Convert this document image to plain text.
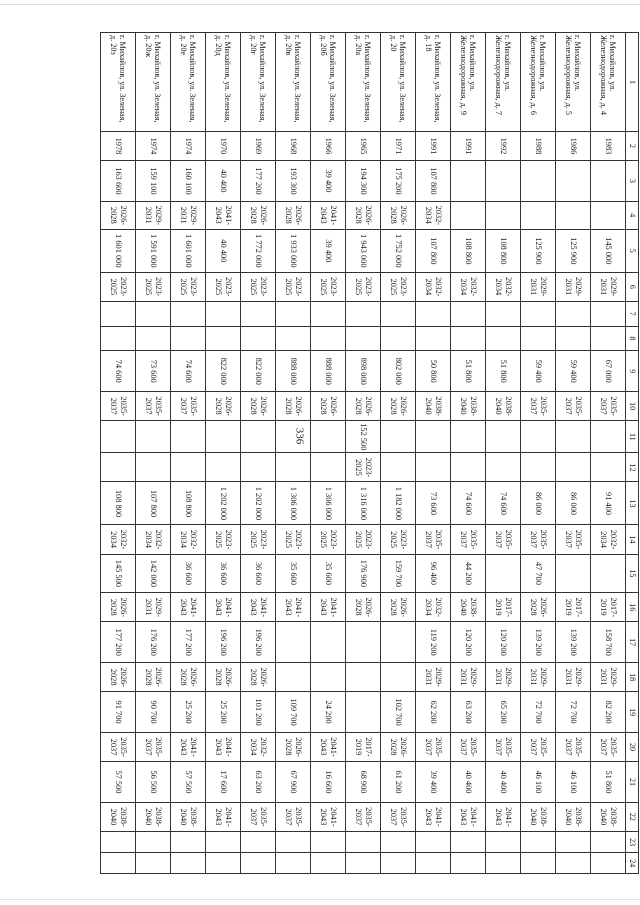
336
1	2	3	4	5	6	7	8	9	10	11	12	13	14	15	16	17	18	19	20	21	22	23	24
г. Михайлов, ул. Железнодорожная, д. 4	1983			145 000	2029-2031			67 000	2035-2037			91 400	2032-2034		2017-2019	158 700	2029-2031	82 200	2035-2037	51 800	2038-2040		
г. Михайлов, ул. Железнодорожная, д. 5	1986			125 900	2029-2031			59 400	2035-2037			86 000	2035-2037		2017-2019	139 200	2029-2031	72 700	2035-2037	46 100	2038-2040		
г. Михайлов, ул. Железнодорожная, д. 6	1988			125 900	2029-2031			59 400	2035-2037			86 000	2035-2037	47 700	2026-2028	139 200	2029-2031	72 700	2035-2037	46 100	2038-2040		
г. Михайлов, ул. Железнодорожная, д. 7	1992			108 800	2032-2034			51 800	2038-2040			74 600	2035-2037		2017-2019	120 200	2029-2031	65 200	2035-2037	40 400	2041-2043		
г. Михайлов, ул. Железнодорожная, д. 9	1991			108 800	2032-2034			51 800	2038-2040			74 600	2035-2037	44 200	2038-2040	120 200	2029-2031	63 200	2035-2037	40 400	2041-2043		
г. Михайлов, ул. Зеленая, д. 18	1991	107 800	2032-2034	107 800	2032-2034			50 800	2038-2040			73 600	2035-2037	96 400	2032-2034	119 200	2029-2031	62 200	2035-2037	39 400	2041-2043		
г. Михайлов, ул. Зеленая, д. 20	1971	175 200	2026-2028	1 752 000	2023-2025			802 000	2026-2028			1 182 000	2023-2025	159 700	2026-2028			102 700	2026-2028	61 200	2035-2037		
г. Михайлов, ул. Зеленая, д. 20а	1965	194 300	2026-2028	1 943 000	2023-2025			898 000	2026-2028	152 500	2023-2025	1 316 000	2023-2025	176 900	2026-2028				2017-2019	68 900	2035-2037		
г. Михайлов, ул. Зеленая, д. 20б	1966	39 400	2041-2043	39 400	2023-2025			888 000	2026-2028			1 306 000	2023-2025	35 600	2041-2043			24 200	2041-2043	16 600	2041-2043		
г. Михайлов, ул. Зеленая, д. 20в	1968	193 300	2026-2028	1 933 000	2023-2025			888 000	2026-2028			1 306 000	2023-2025	35 600	2041-2043			109 700	2026-2028	67 900	2035-2037		
г. Михайлов, ул. Зеленая, д. 20г	1969	177 200	2026-2028	1 772 000	2023-2025			822 000	2026-2028			1 202 000	2023-2025	36 600	2041-2043	196 200	2026-2028	101 200	2032-2034	63 200	2035-2037		
г. Михайлов, ул. Зеленая, д. 20д	1970	40 400	2041-2043	40 400	2023-2025			822 000	2026-2028			1 202 000	2023-2025	36 600	2041-2043	196 200	2026-2028	25 200	2041-2043	17 600	2041-2043		
г. Михайлов, ул. Зеленая, д. 20е	1974	160 100	2029-2031	1 601 000	2023-2025			74 600	2035-2037			108 800	2032-2034	36 600	2041-2043	177 200	2026-2028	25 200	2041-2043	57 500	2038-2040		
г. Михайлов, ул. Зеленая, д. 20ж	1974	159 100	2029-2031	1 591 000	2023-2025			73 600	2035-2037			107 800	2032-2034	142 000	2029-2031	176 200	2026-2028	90 700	2035-2037	56 500	2038-2040		
г. Михайлов, ул. Зеленая, д. 20з	1978	163 600	2026-2028	1 601 000	2023-2025			74 600	2035-2037			108 800	2032-2034	145 500	2026-2028	177 200	2026-2028	91 700	2035-2037	57 500	2038-2040		
